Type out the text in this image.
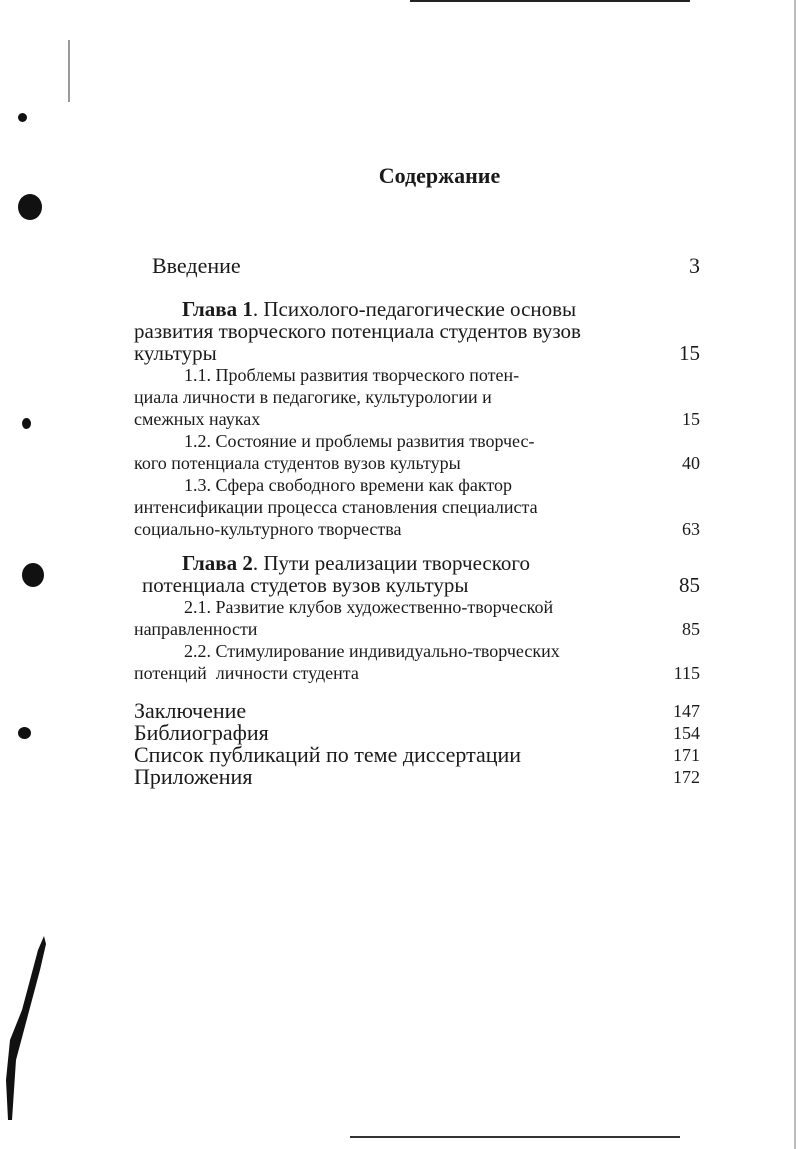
Содержание
Введение	3
Глава 1. Психолого-педагогические основы
развития творческого потенциала студентов вузов
культуры	15
1.1. Проблемы развития творческого потен-
циала личности в педагогике, культурологии и
смежных науках	15
1.2. Состояние и проблемы развития творчес-
кого потенциала студентов вузов культуры	40
1.3. Сфера свободного времени как фактор
интенсификации процесса становления специалиста
социально-культурного творчества	63
Глава 2. Пути реализации творческого
потенциала студетов вузов культуры	85
2.1. Развитие клубов художественно-творческой
направленности	85
2.2. Стимулирование индивидуально-творческих
потенций  личности студента	115
Заключение	147
Библиография	154
Список публикаций по теме диссертации	171
Приложения	172
